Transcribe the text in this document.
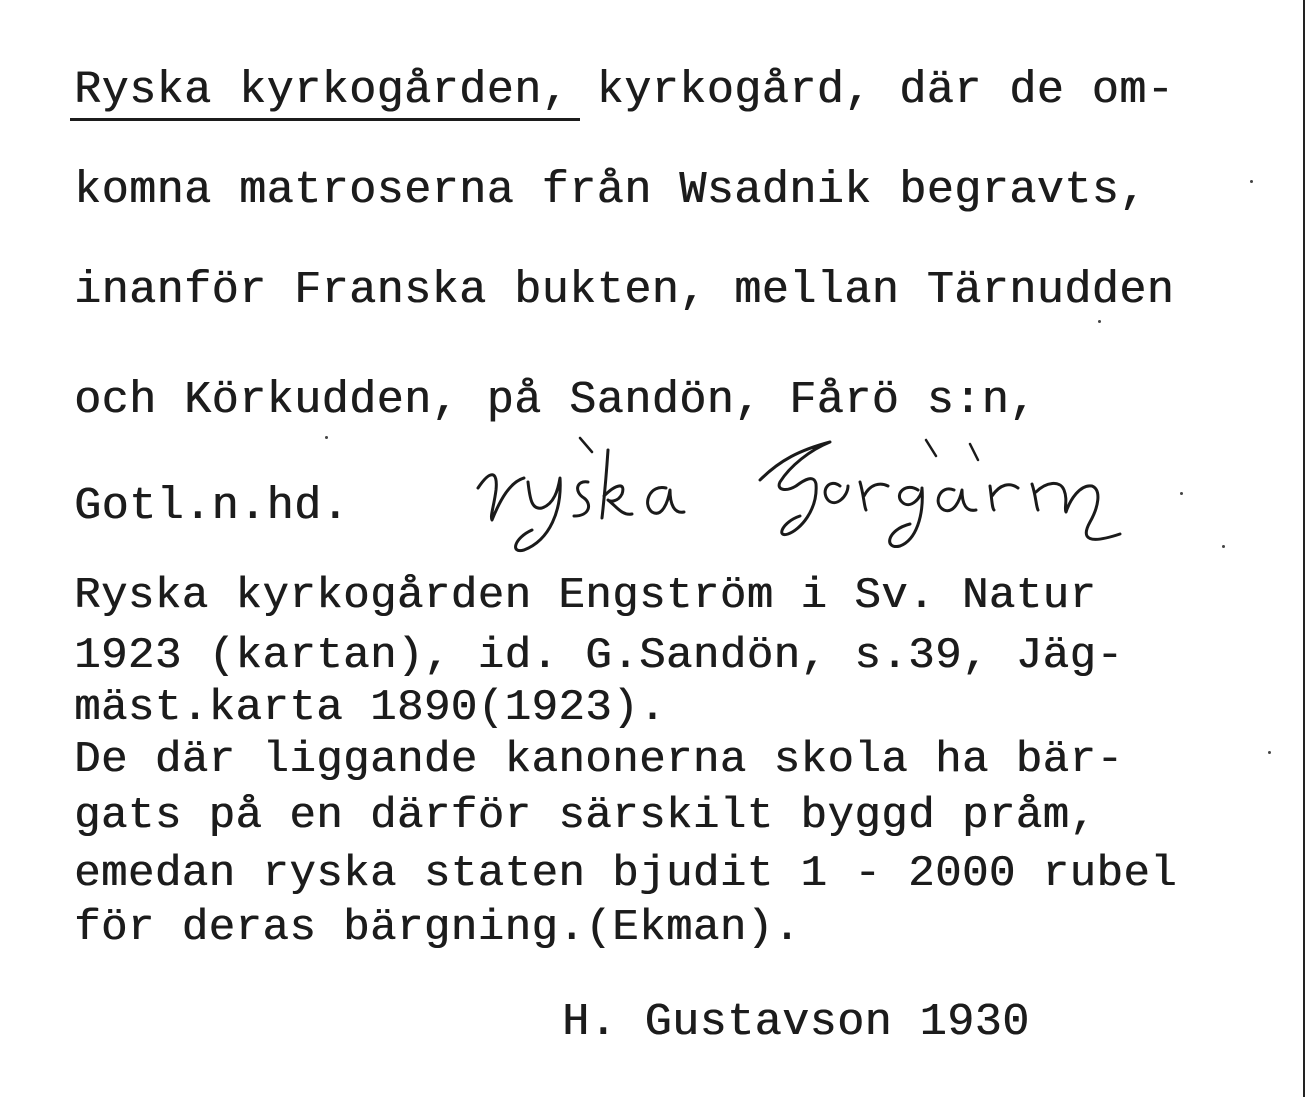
Ryska kyrkogården, kyrkogård, där de om-
komna matroserna från Wsadnik begravts,
inanför Franska bukten, mellan Tärnudden
och Körkudden, på Sandön, Fårö s:n,
Gotl.n.hd.
Ryska kyrkogården Engström i Sv. Natur
1923 (kartan), id. G.Sandön, s.39, Jäg-
mäst.karta 1890(1923).
De där liggande kanonerna skola ha bär-
gats på en därför särskilt byggd pråm,
emedan ryska staten bjudit 1 - 2000 rubel
för deras bärgning.(Ekman).
H. Gustavson 1930
